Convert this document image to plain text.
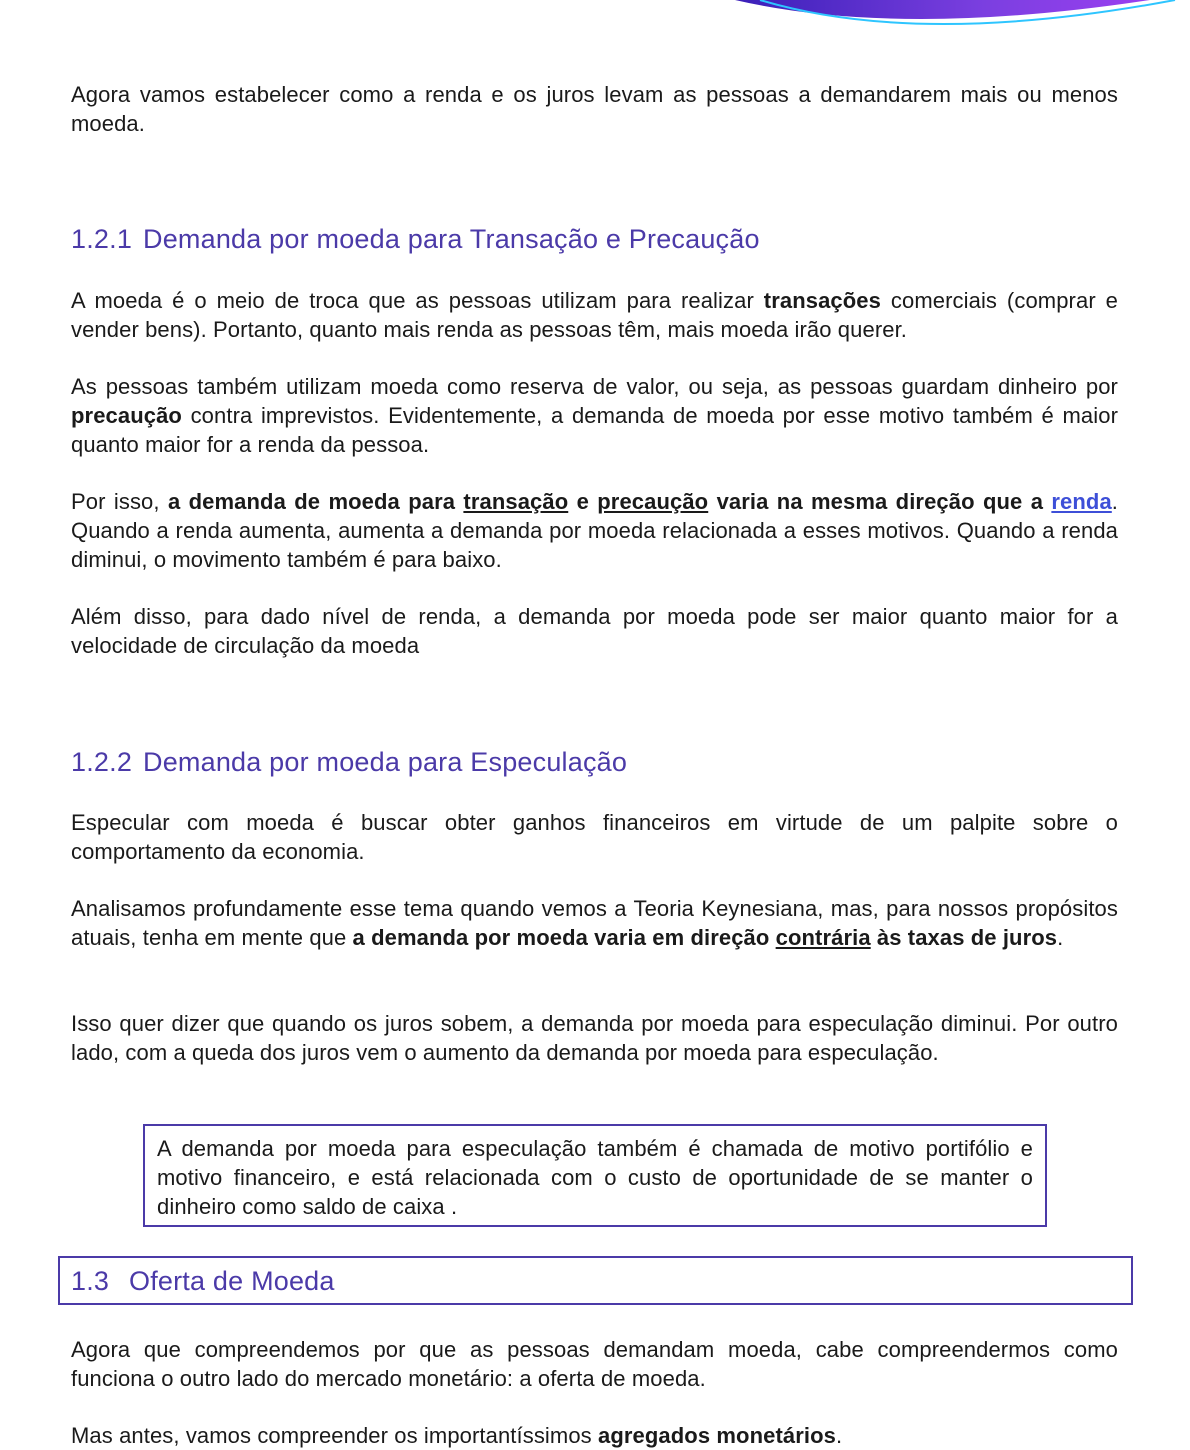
Agora vamos estabelecer como a renda e os juros levam as pessoas a demandarem mais ou menos moeda.

1.2.1 Demanda por moeda para Transação e Precaução

A moeda é o meio de troca que as pessoas utilizam para realizar transações comerciais (comprar e vender bens). Portanto, quanto mais renda as pessoas têm, mais moeda irão querer.

As pessoas também utilizam moeda como reserva de valor, ou seja, as pessoas guardam dinheiro por precaução contra imprevistos. Evidentemente, a demanda de moeda por esse motivo também é maior quanto maior for a renda da pessoa.

Por isso, a demanda de moeda para transação e precaução varia na mesma direção que a renda. Quando a renda aumenta, aumenta a demanda por moeda relacionada a esses motivos. Quando a renda diminui, o movimento também é para baixo.

Além disso, para dado nível de renda, a demanda por moeda pode ser maior quanto maior for a velocidade de circulação da moeda

1.2.2 Demanda por moeda para Especulação

Especular com moeda é buscar obter ganhos financeiros em virtude de um palpite sobre o comportamento da economia.

Analisamos profundamente esse tema quando vemos a Teoria Keynesiana, mas, para nossos propósitos atuais, tenha em mente que a demanda por moeda varia em direção contrária às taxas de juros.

Isso quer dizer que quando os juros sobem, a demanda por moeda para especulação diminui. Por outro lado, com a queda dos juros vem o aumento da demanda por moeda para especulação.

Agora que compreendemos por que as pessoas demandam moeda, cabe compreendermos como funciona o outro lado do mercado monetário: a oferta de moeda.

Mas antes, vamos compreender os importantíssimos agregados monetários.

A demanda por moeda para especulação também é chamada de motivo portifólio e motivo financeiro, e está relacionada com o custo de oportunidade de se manter o dinheiro como saldo de caixa .

1.3 Oferta de Moeda
